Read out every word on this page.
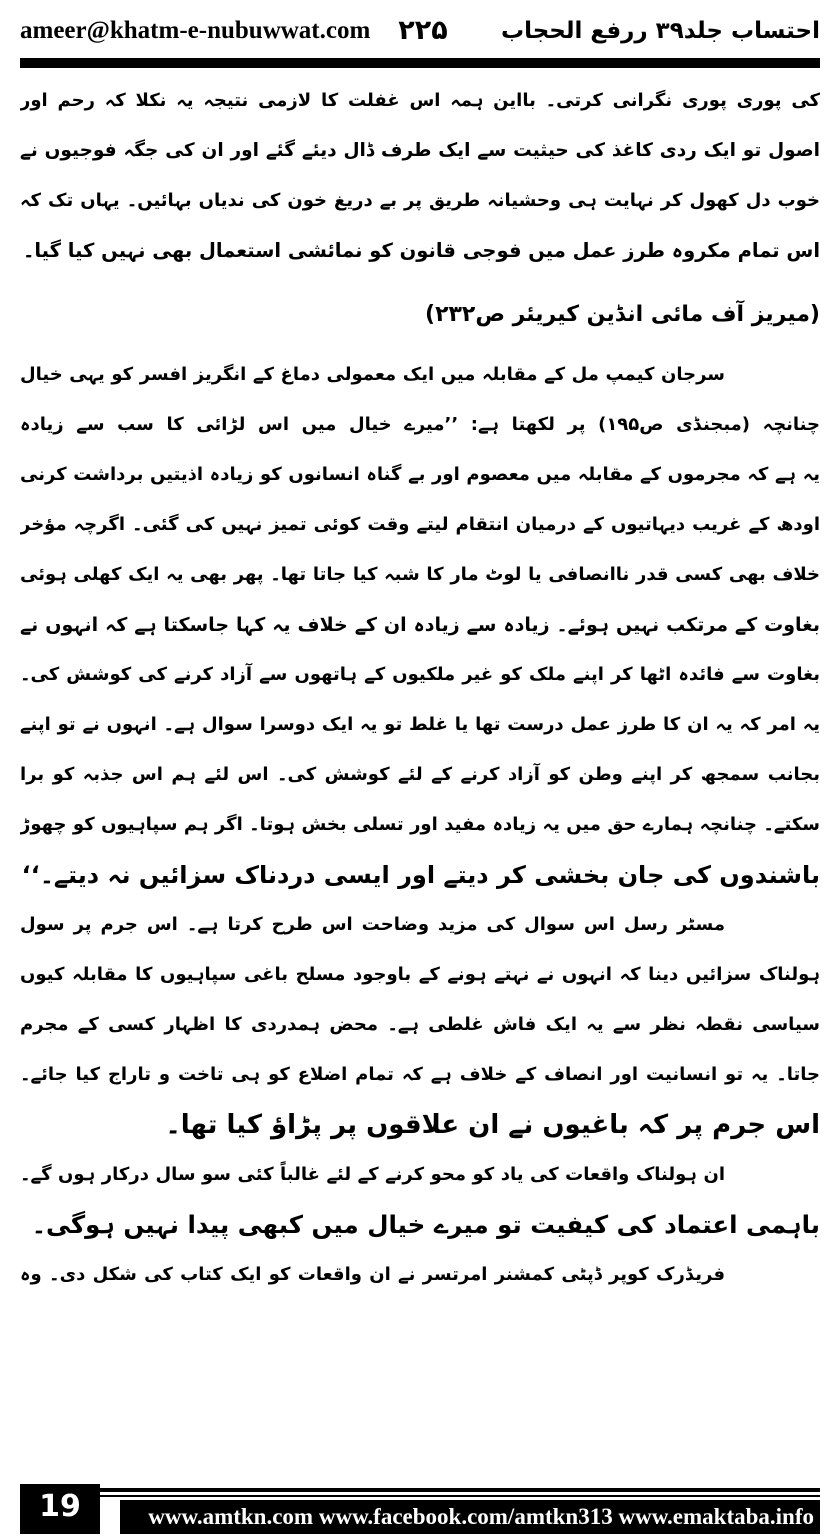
ameer@khatm-e-nubuwwat.com ۲۲۵ احتساب جلد۳۹ ررفع الحجاب
کی پوری پوری نگرانی کرتی۔ بااین ہمہ اس غفلت کا لازمی نتیجہ یہ نکلا کہ رحم اور
اصول تو ایک ردی کاغذ کی حیثیت سے ایک طرف ڈال دیئے گئے اور ان کی جگہ فوجیوں نے
خوب دل کھول کر نہایت ہی وحشیانہ طریق پر بے دریغ خون کی ندیاں بہائیں۔ یہاں تک کہ
اس تمام مکروہ طرز عمل میں فوجی قانون کو نمائشی استعمال بھی نہیں کیا گیا۔
(میریز آف مائی انڈین کیریئر ص۲۳۲)
سرجان کیمپ مل کے مقابلہ میں ایک معمولی دماغ کے انگریز افسر کو یہی خیال
چنانچہ (مبجنڈی ص۱۹۵) پر لکھتا ہے: ’’میرے خیال میں اس لڑائی کا سب سے زیادہ
یہ ہے کہ مجرموں کے مقابلہ میں معصوم اور بے گناہ انسانوں کو زیادہ اذیتیں برداشت کرنی
اودھ کے غریب دیہاتیوں کے درمیان انتقام لیتے وقت کوئی تمیز نہیں کی گئی۔ اگرچہ مؤخر
خلاف بھی کسی قدر ناانصافی یا لوٹ مار کا شبہ کیا جاتا تھا۔ پھر بھی یہ ایک کھلی ہوئی
بغاوت کے مرتکب نہیں ہوئے۔ زیادہ سے زیادہ ان کے خلاف یہ کہا جاسکتا ہے کہ انہوں نے
بغاوت سے فائدہ اٹھا کر اپنے ملک کو غیر ملکیوں کے ہاتھوں سے آزاد کرنے کی کوشش کی۔
یہ امر کہ یہ ان کا طرز عمل درست تھا یا غلط تو یہ ایک دوسرا سوال ہے۔ انہوں نے تو اپنے
بجانب سمجھ کر اپنے وطن کو آزاد کرنے کے لئے کوشش کی۔ اس لئے ہم اس جذبہ کو برا
سکتے۔ چنانچہ ہمارے حق میں یہ زیادہ مفید اور تسلی بخش ہوتا۔ اگر ہم سپاہیوں کو چھوڑ
باشندوں کی جان بخشی کر دیتے اور ایسی دردناک سزائیں نہ دیتے۔‘‘
مسٹر رسل اس سوال کی مزید وضاحت اس طرح کرتا ہے۔ اس جرم پر سول
ہولناک سزائیں دینا کہ انہوں نے نہتے ہونے کے باوجود مسلح باغی سپاہیوں کا مقابلہ کیوں
سیاسی نقطہ نظر سے یہ ایک فاش غلطی ہے۔ محض ہمدردی کا اظہار کسی کے مجرم
جاتا۔ یہ تو انسانیت اور انصاف کے خلاف ہے کہ تمام اضلاع کو ہی تاخت و تاراج کیا جائے۔
اس جرم پر کہ باغیوں نے ان علاقوں پر پڑاؤ کیا تھا۔
ان ہولناک واقعات کی یاد کو محو کرنے کے لئے غالباً کئی سو سال درکار ہوں گے۔
باہمی اعتماد کی کیفیت تو میرے خیال میں کبھی پیدا نہیں ہوگی۔
فریڈرک کوپر ڈپٹی کمشنر امرتسر نے ان واقعات کو ایک کتاب کی شکل دی۔ وہ
19	www.amtkn.com www.facebook.com/amtkn313 www.emaktaba.info
